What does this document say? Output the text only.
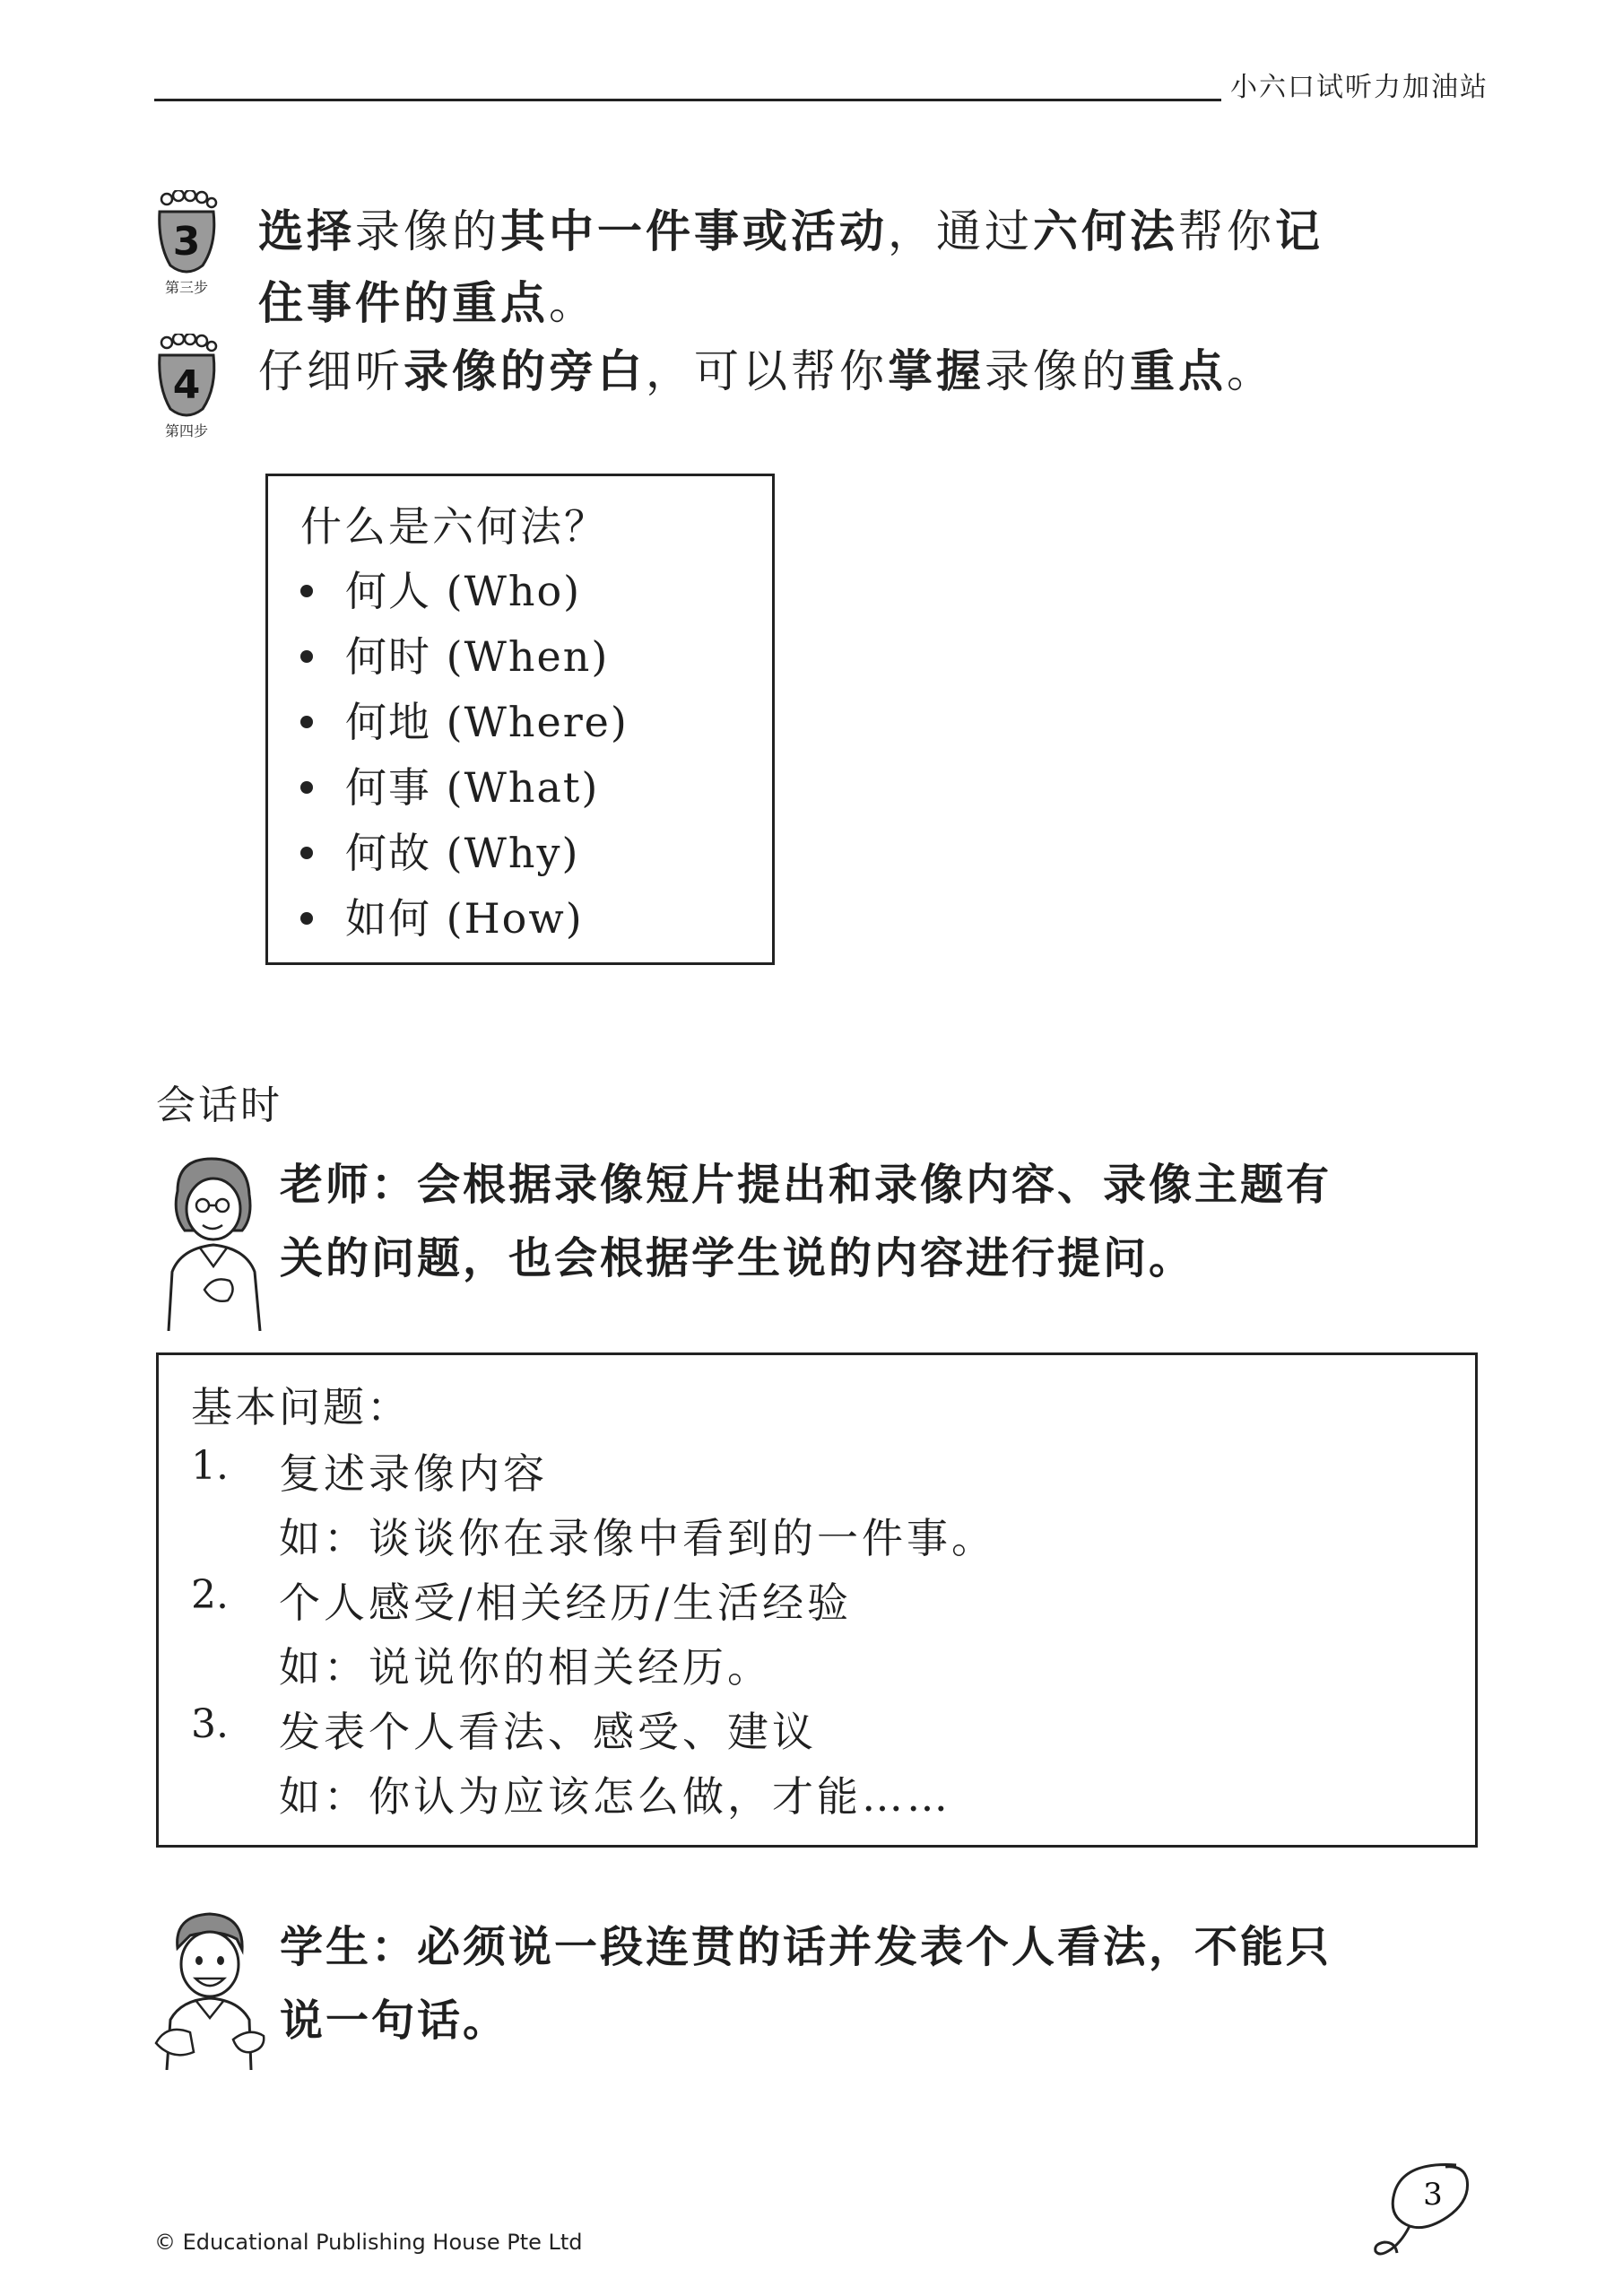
小六口试听力加油站
3
第三步
选择录像的其中一件事或活动，通过六何法帮你记
住事件的重点。
4
第四步
仔细听录像的旁白，可以帮你掌握录像的重点。
什么是六何法？
何人 (Who)
何时 (When)
何地 (Where)
何事 (What)
何故 (Why)
如何 (How)
会话时
老师：会根据录像短片提出和录像内容、录像主题有
关的问题，也会根据学生说的内容进行提问。
基本问题：
1. 复述录像内容
如：谈谈你在录像中看到的一件事。
2. 个人感受/相关经历/生活经验
如：说说你的相关经历。
3. 发表个人看法、感受、建议
如：你认为应该怎么做，才能……
学生：必须说一段连贯的话并发表个人看法，不能只
说一句话。
© Educational Publishing House Pte Ltd
3
